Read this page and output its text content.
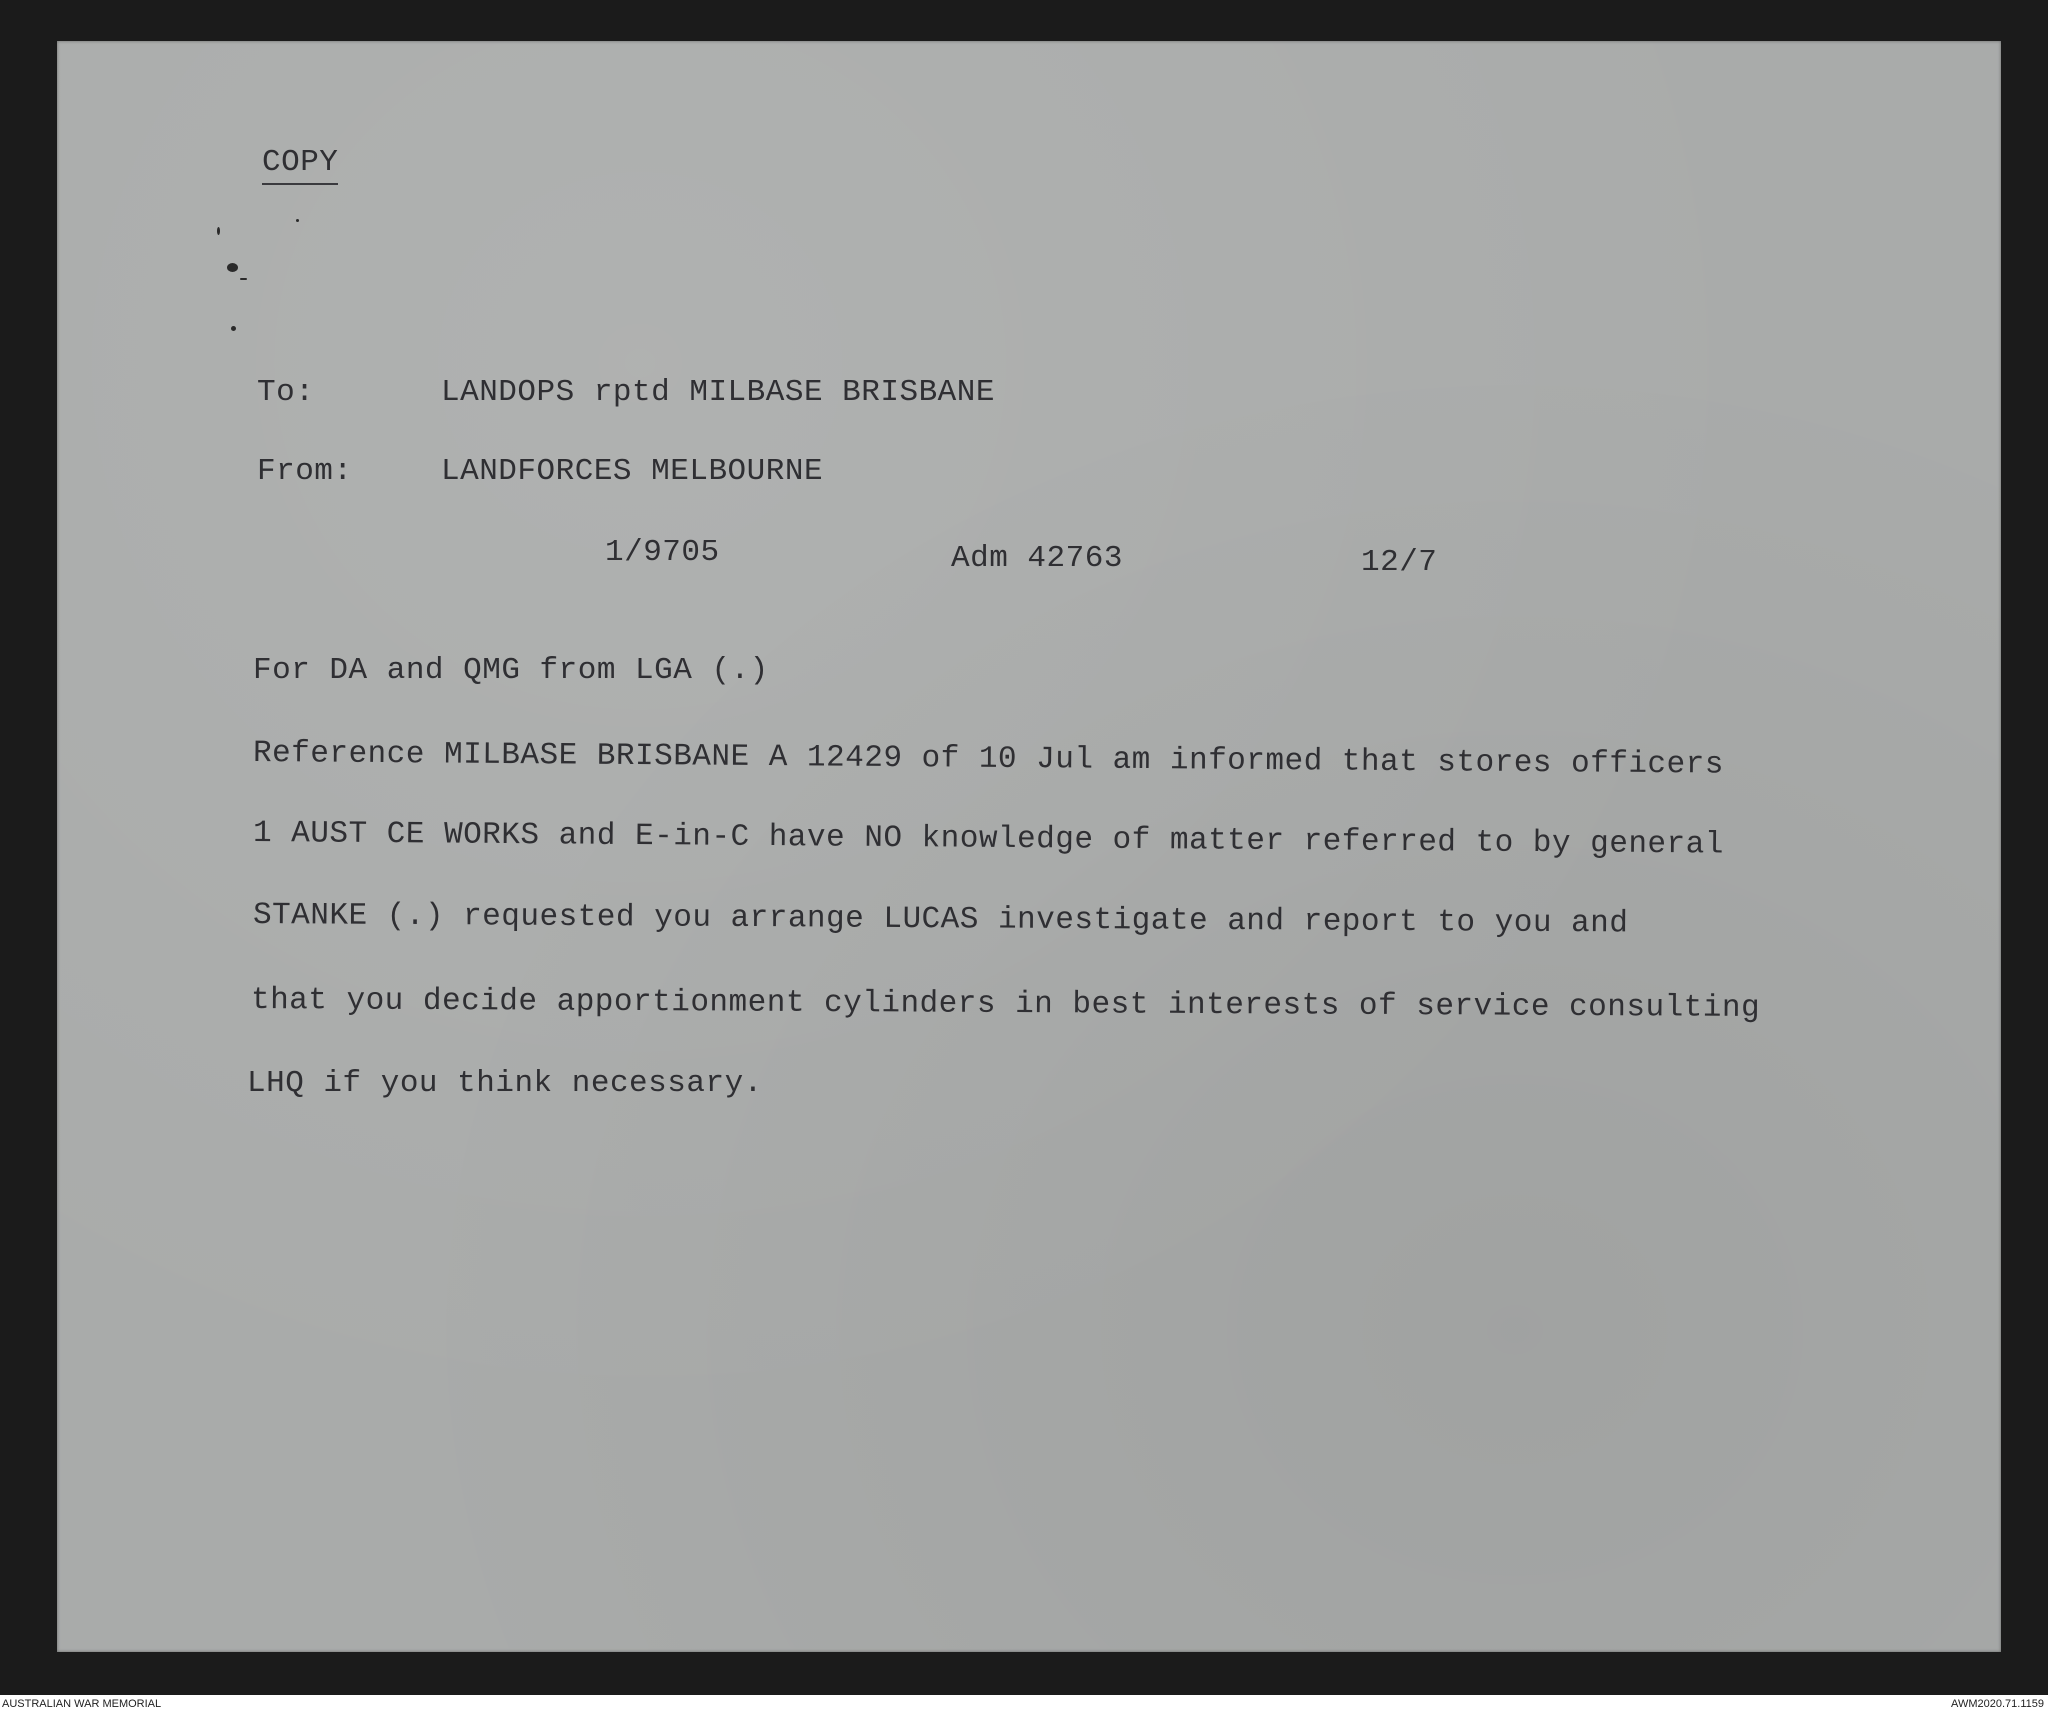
COPY
To:	LANDOPS rptd MILBASE BRISBANE
From:	LANDFORCES MELBOURNE
1/9705	Adm 42763	12/7
For DA and QMG from LGA (.)
Reference MILBASE BRISBANE A 12429 of 10 Jul am informed that stores officers
1 AUST CE WORKS and E-in-C have NO knowledge of matter referred to by general
STANKE (.) requested you arrange LUCAS investigate and report to you and
that you decide apportionment cylinders in best interests of service consulting
LHQ if you think necessary.
AUSTRALIAN WAR MEMORIAL	AWM2020.71.1159
